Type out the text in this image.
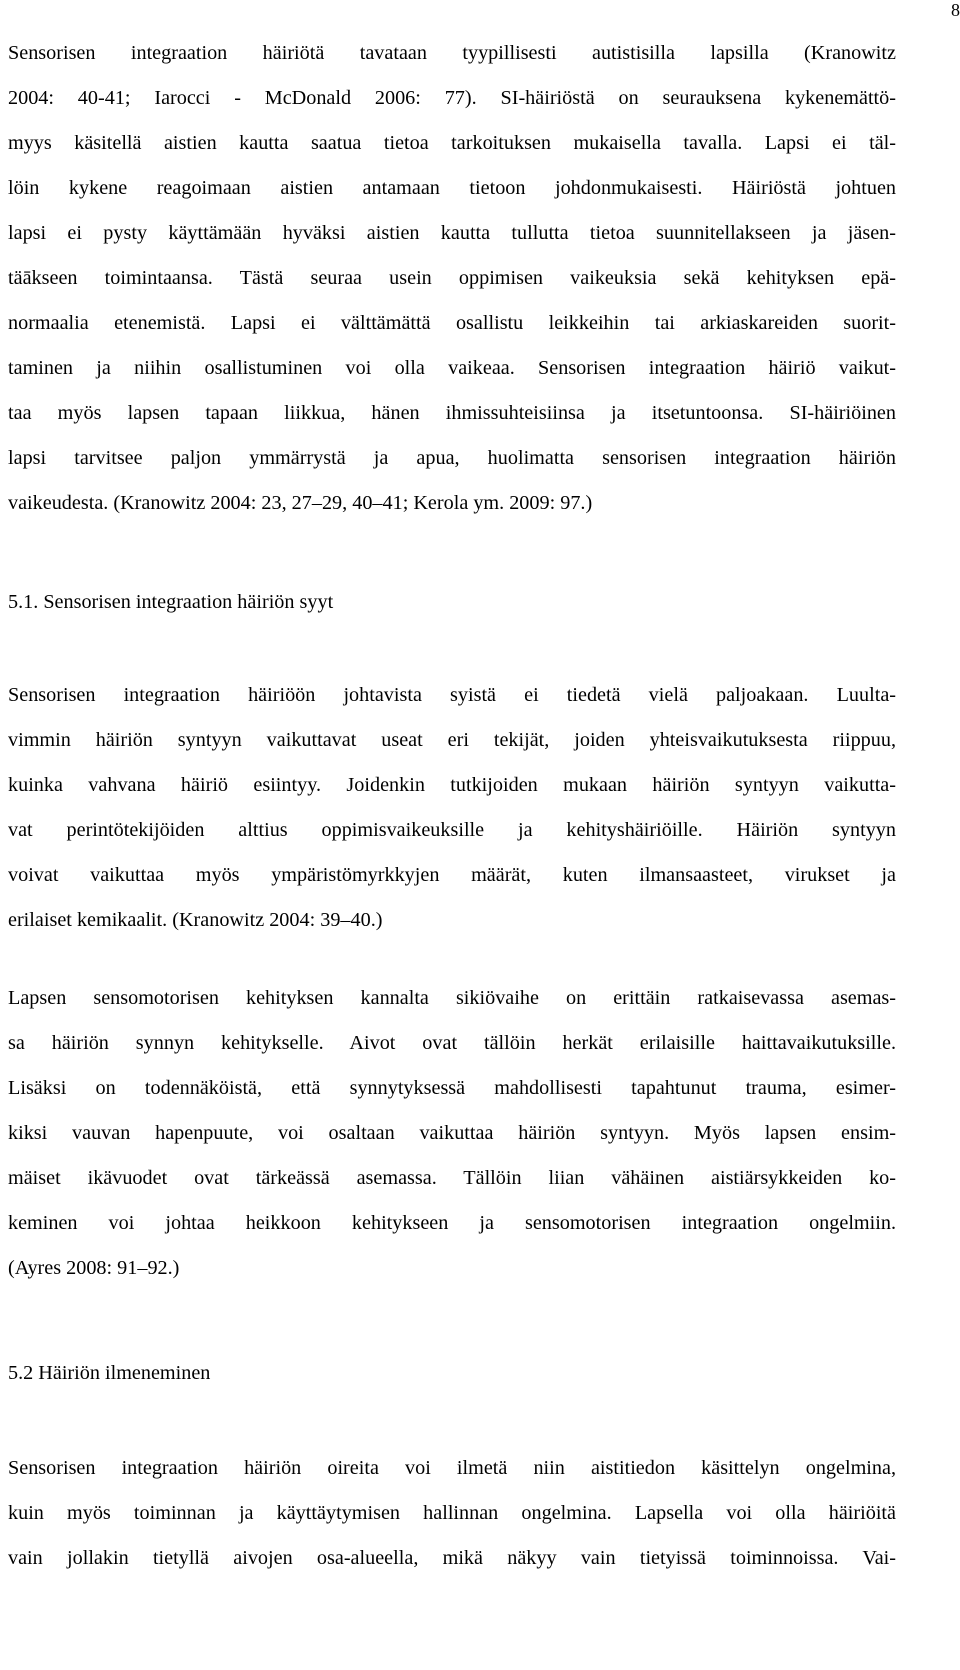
8
Sensorisen integraation häiriötä tavataan tyypillisesti autistisilla lapsilla (Kranowitz
2004: 40-41; Iarocci - McDonald 2006: 77). SI-häiriöstä on seurauksena kykenemättö-
myys käsitellä aistien kautta saatua tietoa tarkoituksen mukaisella tavalla. Lapsi ei täl-
löin kykene reagoimaan aistien antamaan tietoon johdonmukaisesti. Häiriöstä johtuen
lapsi ei pysty käyttämään hyväksi aistien kautta tullutta tietoa suunnitellakseen ja jäsen-
täākseen toimintaansa. Tästä seuraa usein oppimisen vaikeuksia sekä kehityksen epä-
normaalia etenemistä. Lapsi ei välttämättä osallistu leikkeihin tai arkiaskareiden suorit-
taminen ja niihin osallistuminen voi olla vaikeaa. Sensorisen integraation häiriö vaikut-
taa myös lapsen tapaan liikkua, hänen ihmissuhteisiinsa ja itsetuntoonsa. SI-häiriöinen
lapsi tarvitsee paljon ymmärrystä ja apua, huolimatta sensorisen integraation häiriön
vaikeudesta. (Kranowitz 2004: 23, 27–29, 40–41; Kerola ym. 2009: 97.)
5.1. Sensorisen integraation häiriön syyt
Sensorisen integraation häiriöön johtavista syistä ei tiedetä vielä paljoakaan. Luulta-
vimmin häiriön syntyyn vaikuttavat useat eri tekijät, joiden yhteisvaikutuksesta riippuu,
kuinka vahvana häiriö esiintyy. Joidenkin tutkijoiden mukaan häiriön syntyyn vaikutta-
vat perintötekijöiden alttius oppimisvaikeuksille ja kehityshäiriöille. Häiriön syntyyn
voivat vaikuttaa myös ympäristömyrkkyjen määrät, kuten ilmansaasteet, virukset ja
erilaiset kemikaalit. (Kranowitz 2004: 39–40.)
Lapsen sensomotorisen kehityksen kannalta sikiövaihe on erittäin ratkaisevassa asemas-
sa häiriön synnyn kehitykselle. Aivot ovat tällöin herkät erilaisille haittavaikutuksille.
Lisäksi on todennäköistä, että synnytyksessä mahdollisesti tapahtunut trauma, esimer-
kiksi vauvan hapenpuute, voi osaltaan vaikuttaa häiriön syntyyn. Myös lapsen ensim-
mäiset ikävuodet ovat tärkeässä asemassa. Tällöin liian vähäinen aistiärsykkeiden ko-
keminen voi johtaa heikkoon kehitykseen ja sensomotorisen integraation ongelmiin.
(Ayres 2008: 91–92.)
5.2 Häiriön ilmeneminen
Sensorisen integraation häiriön oireita voi ilmetä niin aistitiedon käsittelyn ongelmina,
kuin myös toiminnan ja käyttäytymisen hallinnan ongelmina. Lapsella voi olla häiriöitä
vain jollakin tietyllä aivojen osa-alueella, mikä näkyy vain tietyissä toiminnoissa. Vai-
